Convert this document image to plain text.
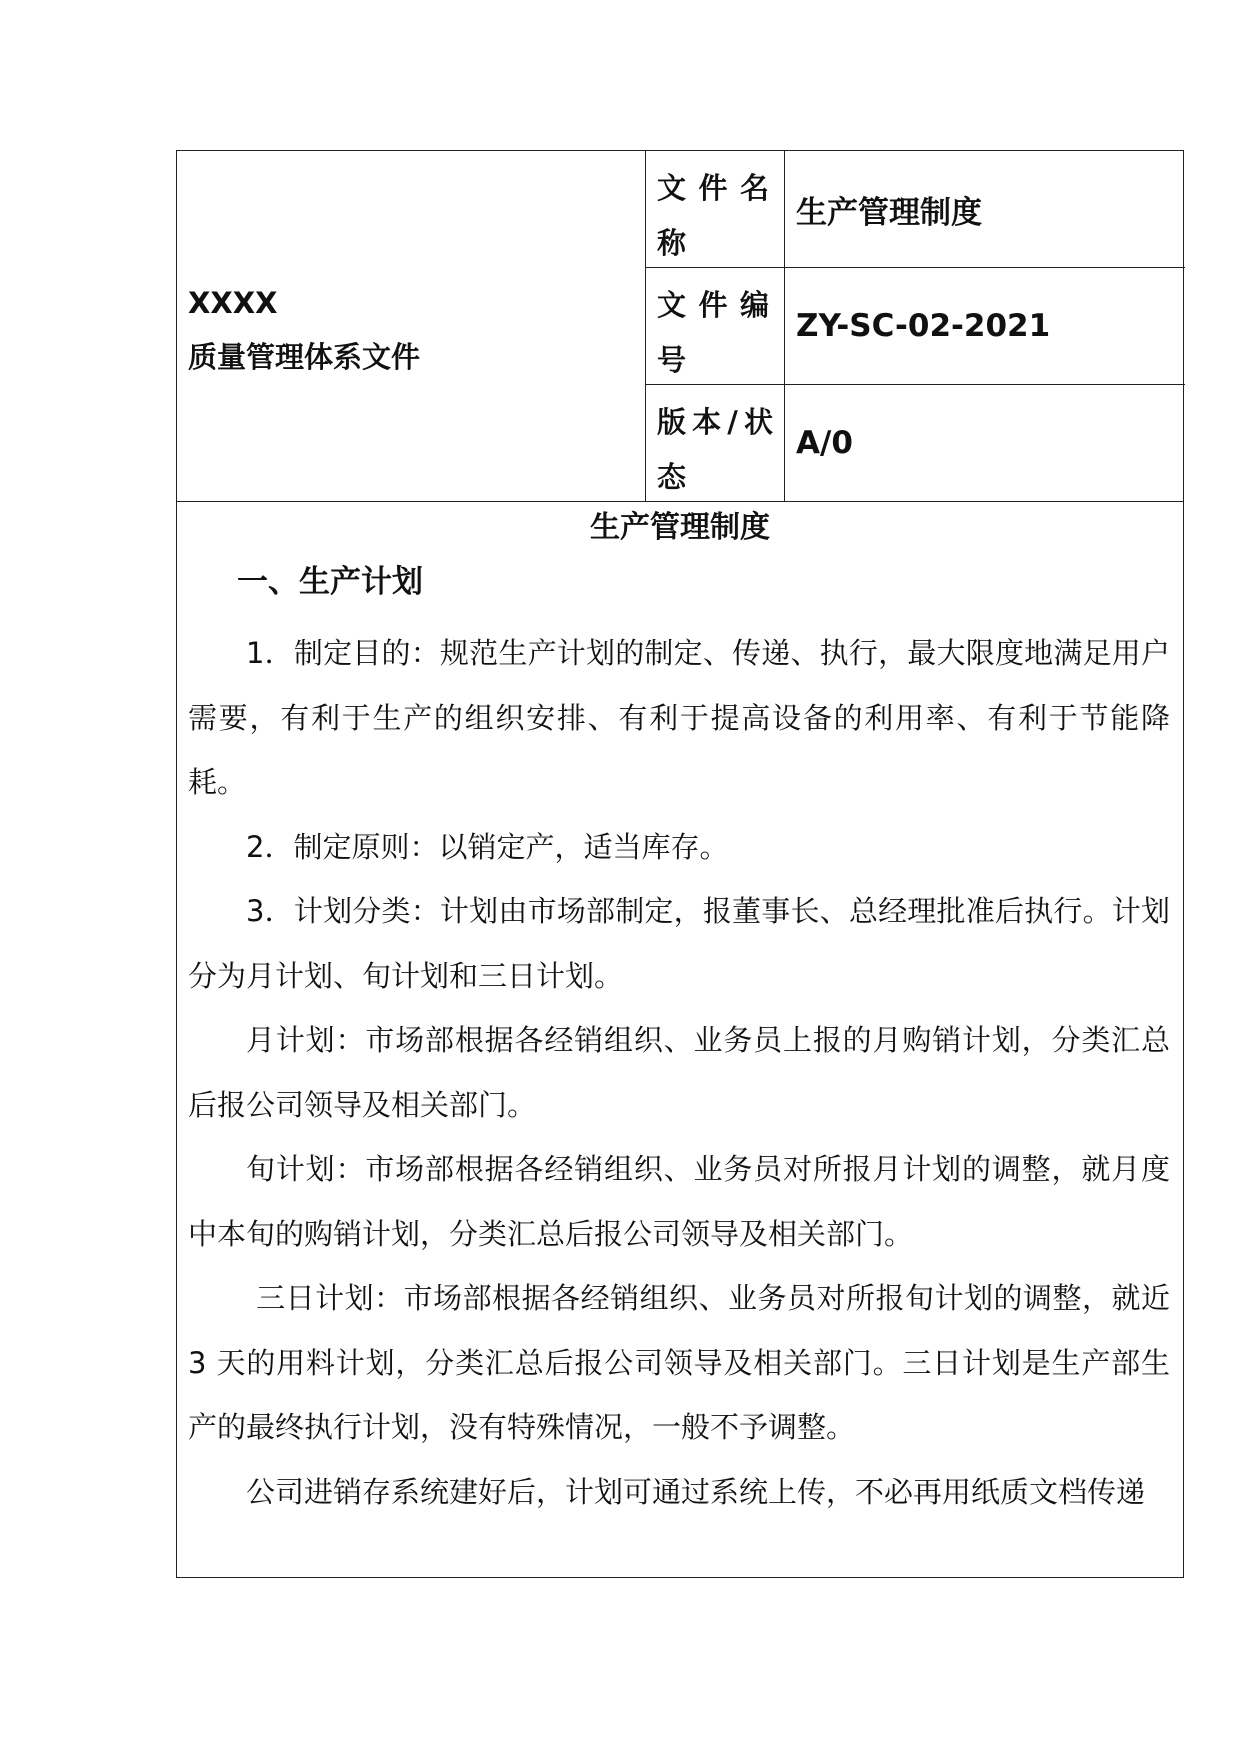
XXXX
质量管理体系文件
文件名称
生产管理制度
文件编号
ZY-SC-02-2021
版本/状态
A/0
生产管理制度
一、生产计划

1．制定目的：规范生产计划的制定、传递、执行，最大限度地满足用户需要，有利于生产的组织安排、有利于提高设备的利用率、有利于节能降耗。

2．制定原则：以销定产，适当库存。

3．计划分类：计划由市场部制定，报董事长、总经理批准后执行。计划分为月计划、旬计划和三日计划。

月计划：市场部根据各经销组织、业务员上报的月购销计划，分类汇总后报公司领导及相关部门。

旬计划：市场部根据各经销组织、业务员对所报月计划的调整，就月度中本旬的购销计划，分类汇总后报公司领导及相关部门。

三日计划：市场部根据各经销组织、业务员对所报旬计划的调整，就近 3 天的用料计划，分类汇总后报公司领导及相关部门。三日计划是生产部生产的最终执行计划，没有特殊情况，一般不予调整。

公司进销存系统建好后，计划可通过系统上传，不必再用纸质文档传递
